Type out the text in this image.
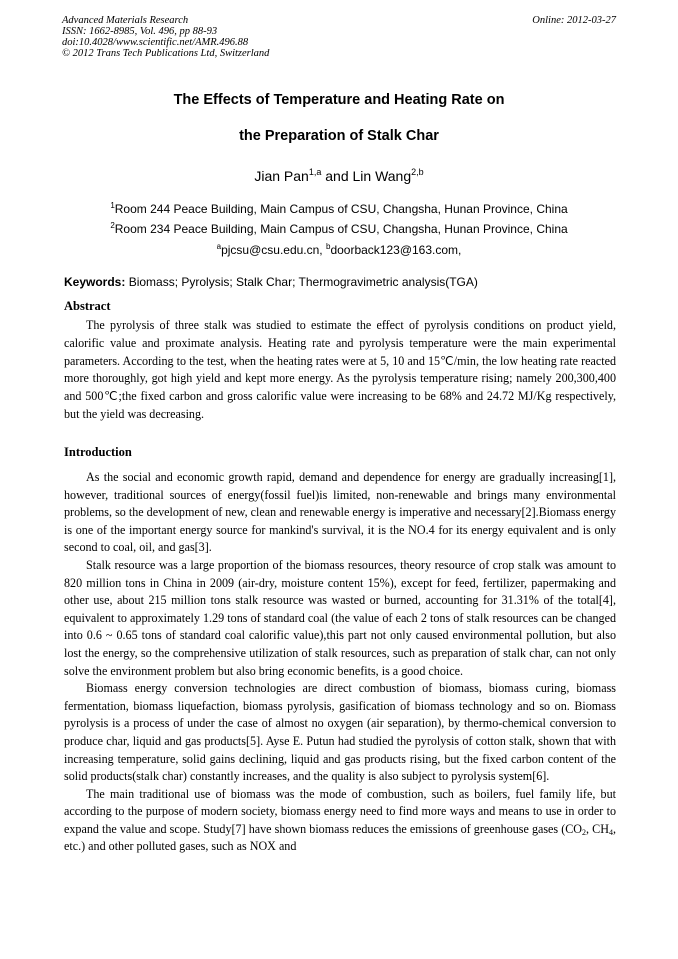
Advanced Materials Research
ISSN: 1662-8985, Vol. 496, pp 88-93
doi:10.4028/www.scientific.net/AMR.496.88
© 2012 Trans Tech Publications Ltd, Switzerland
Online: 2012-03-27
The Effects of Temperature and Heating Rate on
the Preparation of Stalk Char
Jian Pan$^{1,a}$ and Lin Wang$^{2,b}$
$^1$Room 244 Peace Building, Main Campus of CSU, Changsha, Hunan Province, China
$^2$Room 234 Peace Building, Main Campus of CSU, Changsha, Hunan Province, China
$^a$pjcsu@csu.edu.cn, $^b$doorback123@163.com,
Keywords: Biomass; Pyrolysis; Stalk Char; Thermogravimetric analysis(TGA)
Abstract

The pyrolysis of three stalk was studied to estimate the effect of pyrolysis conditions on product yield, calorific value and proximate analysis. Heating rate and pyrolysis temperature were the main experimental parameters. According to the test, when the heating rates were at 5, 10 and 15℃/min, the low heating rate reacted more thoroughly, got high yield and kept more energy. As the pyrolysis temperature rising; namely 200,300,400 and 500℃;the fixed carbon and gross calorific value were increasing to be 68% and 24.72 MJ/Kg respectively, but the yield was decreasing.

Introduction

As the social and economic growth rapid, demand and dependence for energy are gradually increasing[1], however, traditional sources of energy(fossil fuel)is limited, non-renewable and brings many environmental problems, so the development of new, clean and renewable energy is imperative and necessary[2].Biomass energy is one of the important energy source for mankind's survival, it is the NO.4 for its energy equivalent and is only second to coal, oil, and gas[3].

Stalk resource was a large proportion of the biomass resources, theory resource of crop stalk was amount to 820 million tons in China in 2009 (air-dry, moisture content 15%), except for feed, fertilizer, papermaking and other use, about 215 million tons stalk resource was wasted or burned, accounting for 31.31% of the total[4], equivalent to approximately 1.29 tons of standard coal (the value of each 2 tons of stalk resources can be changed into 0.6 ~ 0.65 tons of standard coal calorific value),this part not only caused environmental pollution, but also lost the energy, so the comprehensive utilization of stalk resources, such as preparation of stalk char, can not only solve the environment problem but also bring economic benefits, is a good choice.

Biomass energy conversion technologies are direct combustion of biomass, biomass curing, biomass fermentation, biomass liquefaction, biomass pyrolysis, gasification of biomass technology and so on. Biomass pyrolysis is a process of under the case of almost no oxygen (air separation), by thermo-chemical conversion to produce char, liquid and gas products[5]. Ayse E. Putun had studied the pyrolysis of cotton stalk, shown that with increasing temperature, solid gains declining, liquid and gas products rising, but the fixed carbon content of the solid products(stalk char) constantly increases, and the quality is also subject to pyrolysis system[6].

The main traditional use of biomass was the mode of combustion, such as boilers, fuel family life, but according to the purpose of modern society, biomass energy need to find more ways and means to use in order to expand the value and scope. Study[7] have shown biomass reduces the emissions of greenhouse gases ($CO_2$, $CH_4$, etc.) and other polluted gases, such as NOX and
